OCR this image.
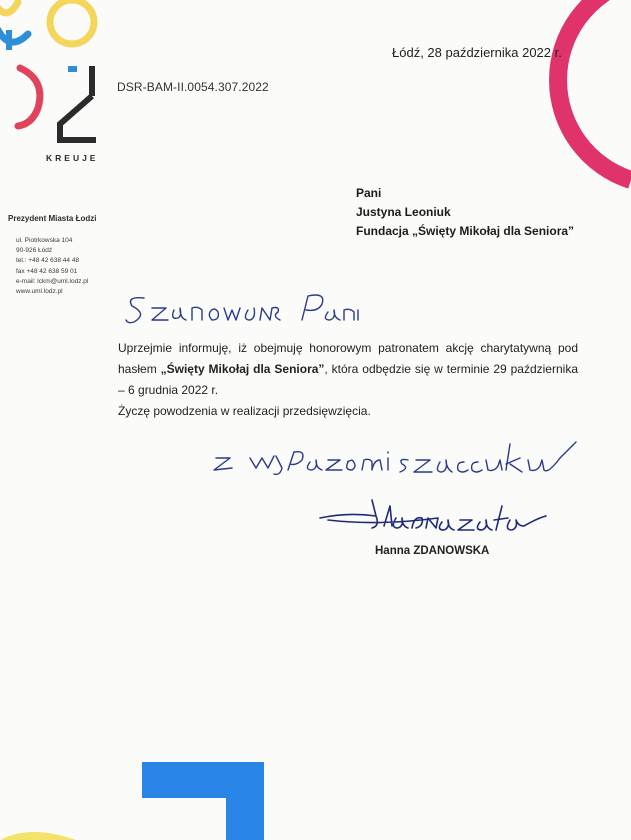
KREUJE
Prezydent Miasta Łodzi
ul. Piotrkowska 104
90-926 Łódź
tel.: +48 42 638 44 48
fax +48 42 638 59 01
e-mail: lckm@uml.lodz.pl
www.uml.lodz.pl
Łódź, 28 października 2022 r.
DSR-BAM-II.0054.307.2022
Pani
Justyna Leoniuk
Fundacja „Święty Mikołaj dla Seniora”

Uprzejmie informuję, iż obejmuję honorowym patronatem akcję charytatywną pod hasłem „Święty Mikołaj dla Seniora”, która odbędzie się w terminie 29 października – 6 grudnia 2022 r.

Życzę powodzenia w realizacji przedsięwzięcia.

Hanna ZDANOWSKA
